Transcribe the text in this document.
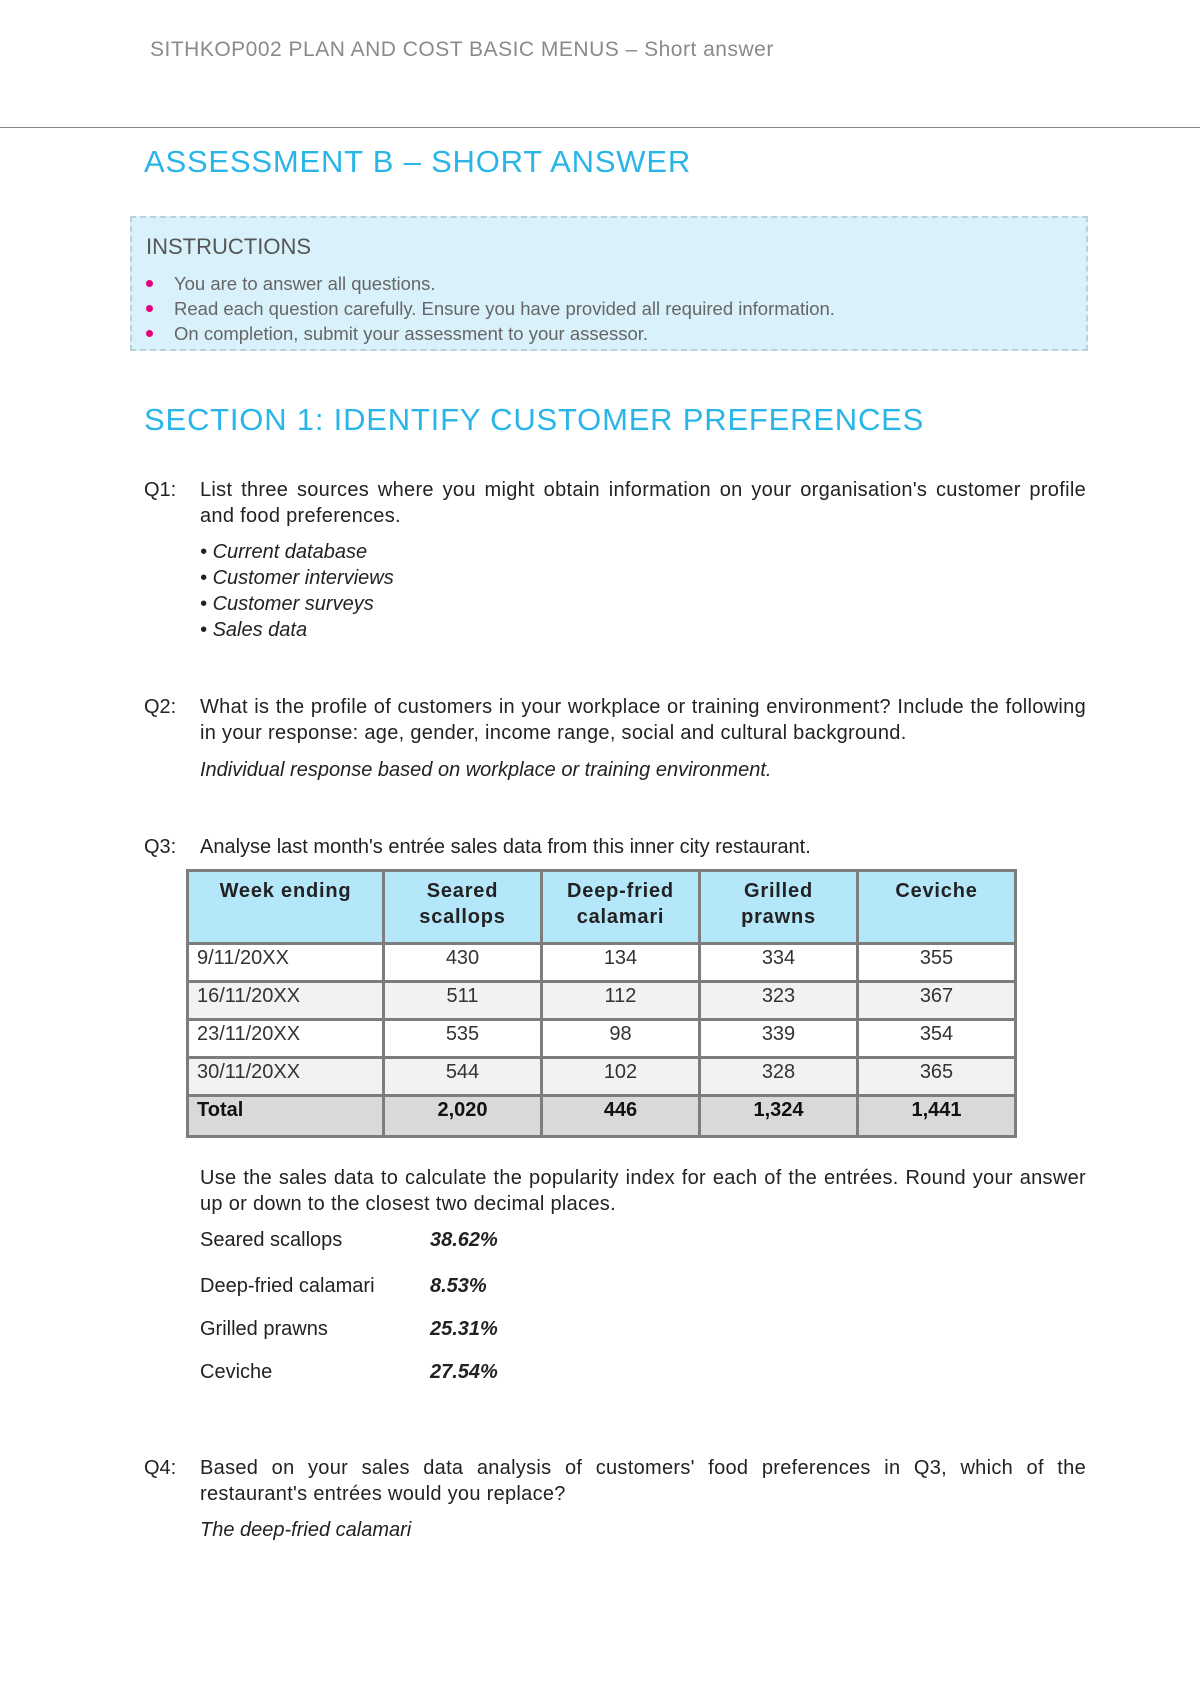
SITHKOP002 PLAN AND COST BASIC MENUS – Short answer
ASSESSMENT B – SHORT ANSWER
INSTRUCTIONS
You are to answer all questions.
Read each question carefully. Ensure you have provided all required information.
On completion, submit your assessment to your assessor.
SECTION 1: IDENTIFY CUSTOMER PREFERENCES
Q1: List three sources where you might obtain information on your organisation's customer profile and food preferences.
• Current database
• Customer interviews
• Customer surveys
• Sales data
Q2: What is the profile of customers in your workplace or training environment? Include the following in your response: age, gender, income range, social and cultural background.
Individual response based on workplace or training environment.
Q3: Analyse last month's entrée sales data from this inner city restaurant.
Week ending	Seared scallops	Deep-fried calamari	Grilled prawns	Ceviche
9/11/20XX	430	134	334	355
16/11/20XX	511	112	323	367
23/11/20XX	535	98	339	354
30/11/20XX	544	102	328	365
Total	2,020	446	1,324	1,441
Use the sales data to calculate the popularity index for each of the entrées. Round your answer up or down to the closest two decimal places.
Seared scallops	38.62%
Deep-fried calamari	8.53%
Grilled prawns	25.31%
Ceviche	27.54%
Q4: Based on your sales data analysis of customers' food preferences in Q3, which of the restaurant's entrées would you replace?
The deep-fried calamari
